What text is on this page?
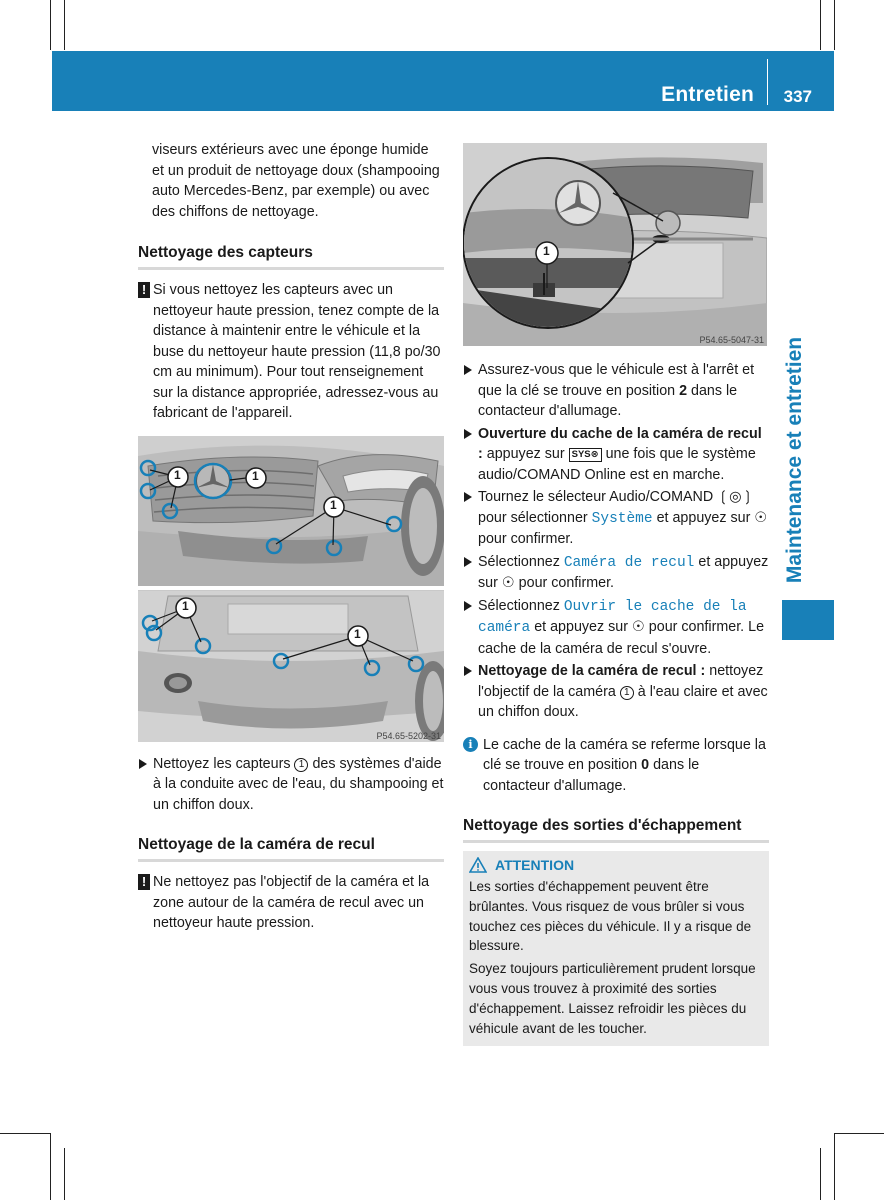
Entretien 337
Maintenance et entretien

viseurs extérieurs avec une éponge humide et un produit de nettoyage doux (shampooing auto Mercedes-Benz, par exemple) ou avec des chiffons de nettoyage.

Nettoyage des capteurs
! Si vous nettoyez les capteurs avec un nettoyeur haute pression, tenez compte de la distance à maintenir entre le véhicule et la buse du nettoyeur haute pression (11,8 po/30 cm au minimum). Pour tout renseignement sur la distance appropriée, adressez-vous au fabricant de l'appareil.

1	1
1
1
1
P54.65-5202-31

Nettoyez les capteurs 1 des systèmes d'aide à la conduite avec de l'eau, du shampooing et un chiffon doux.

Nettoyage de la caméra de recul
! Ne nettoyez pas l'objectif de la caméra et la zone autour de la caméra de recul avec un nettoyeur haute pression.

1
P54.65-5047-31

Assurez-vous que le véhicule est à l'arrêt et que la clé se trouve en position 2 dans le contacteur d'allumage.

Ouverture du cache de la caméra de recul : appuyez sur SYS⊗ une fois que le système audio/COMAND Online est en marche.

Tournez le sélecteur Audio/COMAND ❲◎❳ pour sélectionner Système et appuyez sur ☉ pour confirmer.

Sélectionnez Caméra de recul et appuyez sur ☉ pour confirmer.

Sélectionnez Ouvrir le cache de la caméra et appuyez sur ☉ pour confirmer. Le cache de la caméra de recul s'ouvre.

Nettoyage de la caméra de recul : nettoyez l'objectif de la caméra 1 à l'eau claire et avec un chiffon doux.

i Le cache de la caméra se referme lorsque la clé se trouve en position 0 dans le contacteur d'allumage.

Nettoyage des sorties d'échappement
ATTENTION

Les sorties d'échappement peuvent être brûlantes. Vous risquez de vous brûler si vous touchez ces pièces du véhicule. Il y a risque de blessure.

Soyez toujours particulièrement prudent lorsque vous vous trouvez à proximité des sorties d'échappement. Laissez refroidir les pièces du véhicule avant de les toucher.
